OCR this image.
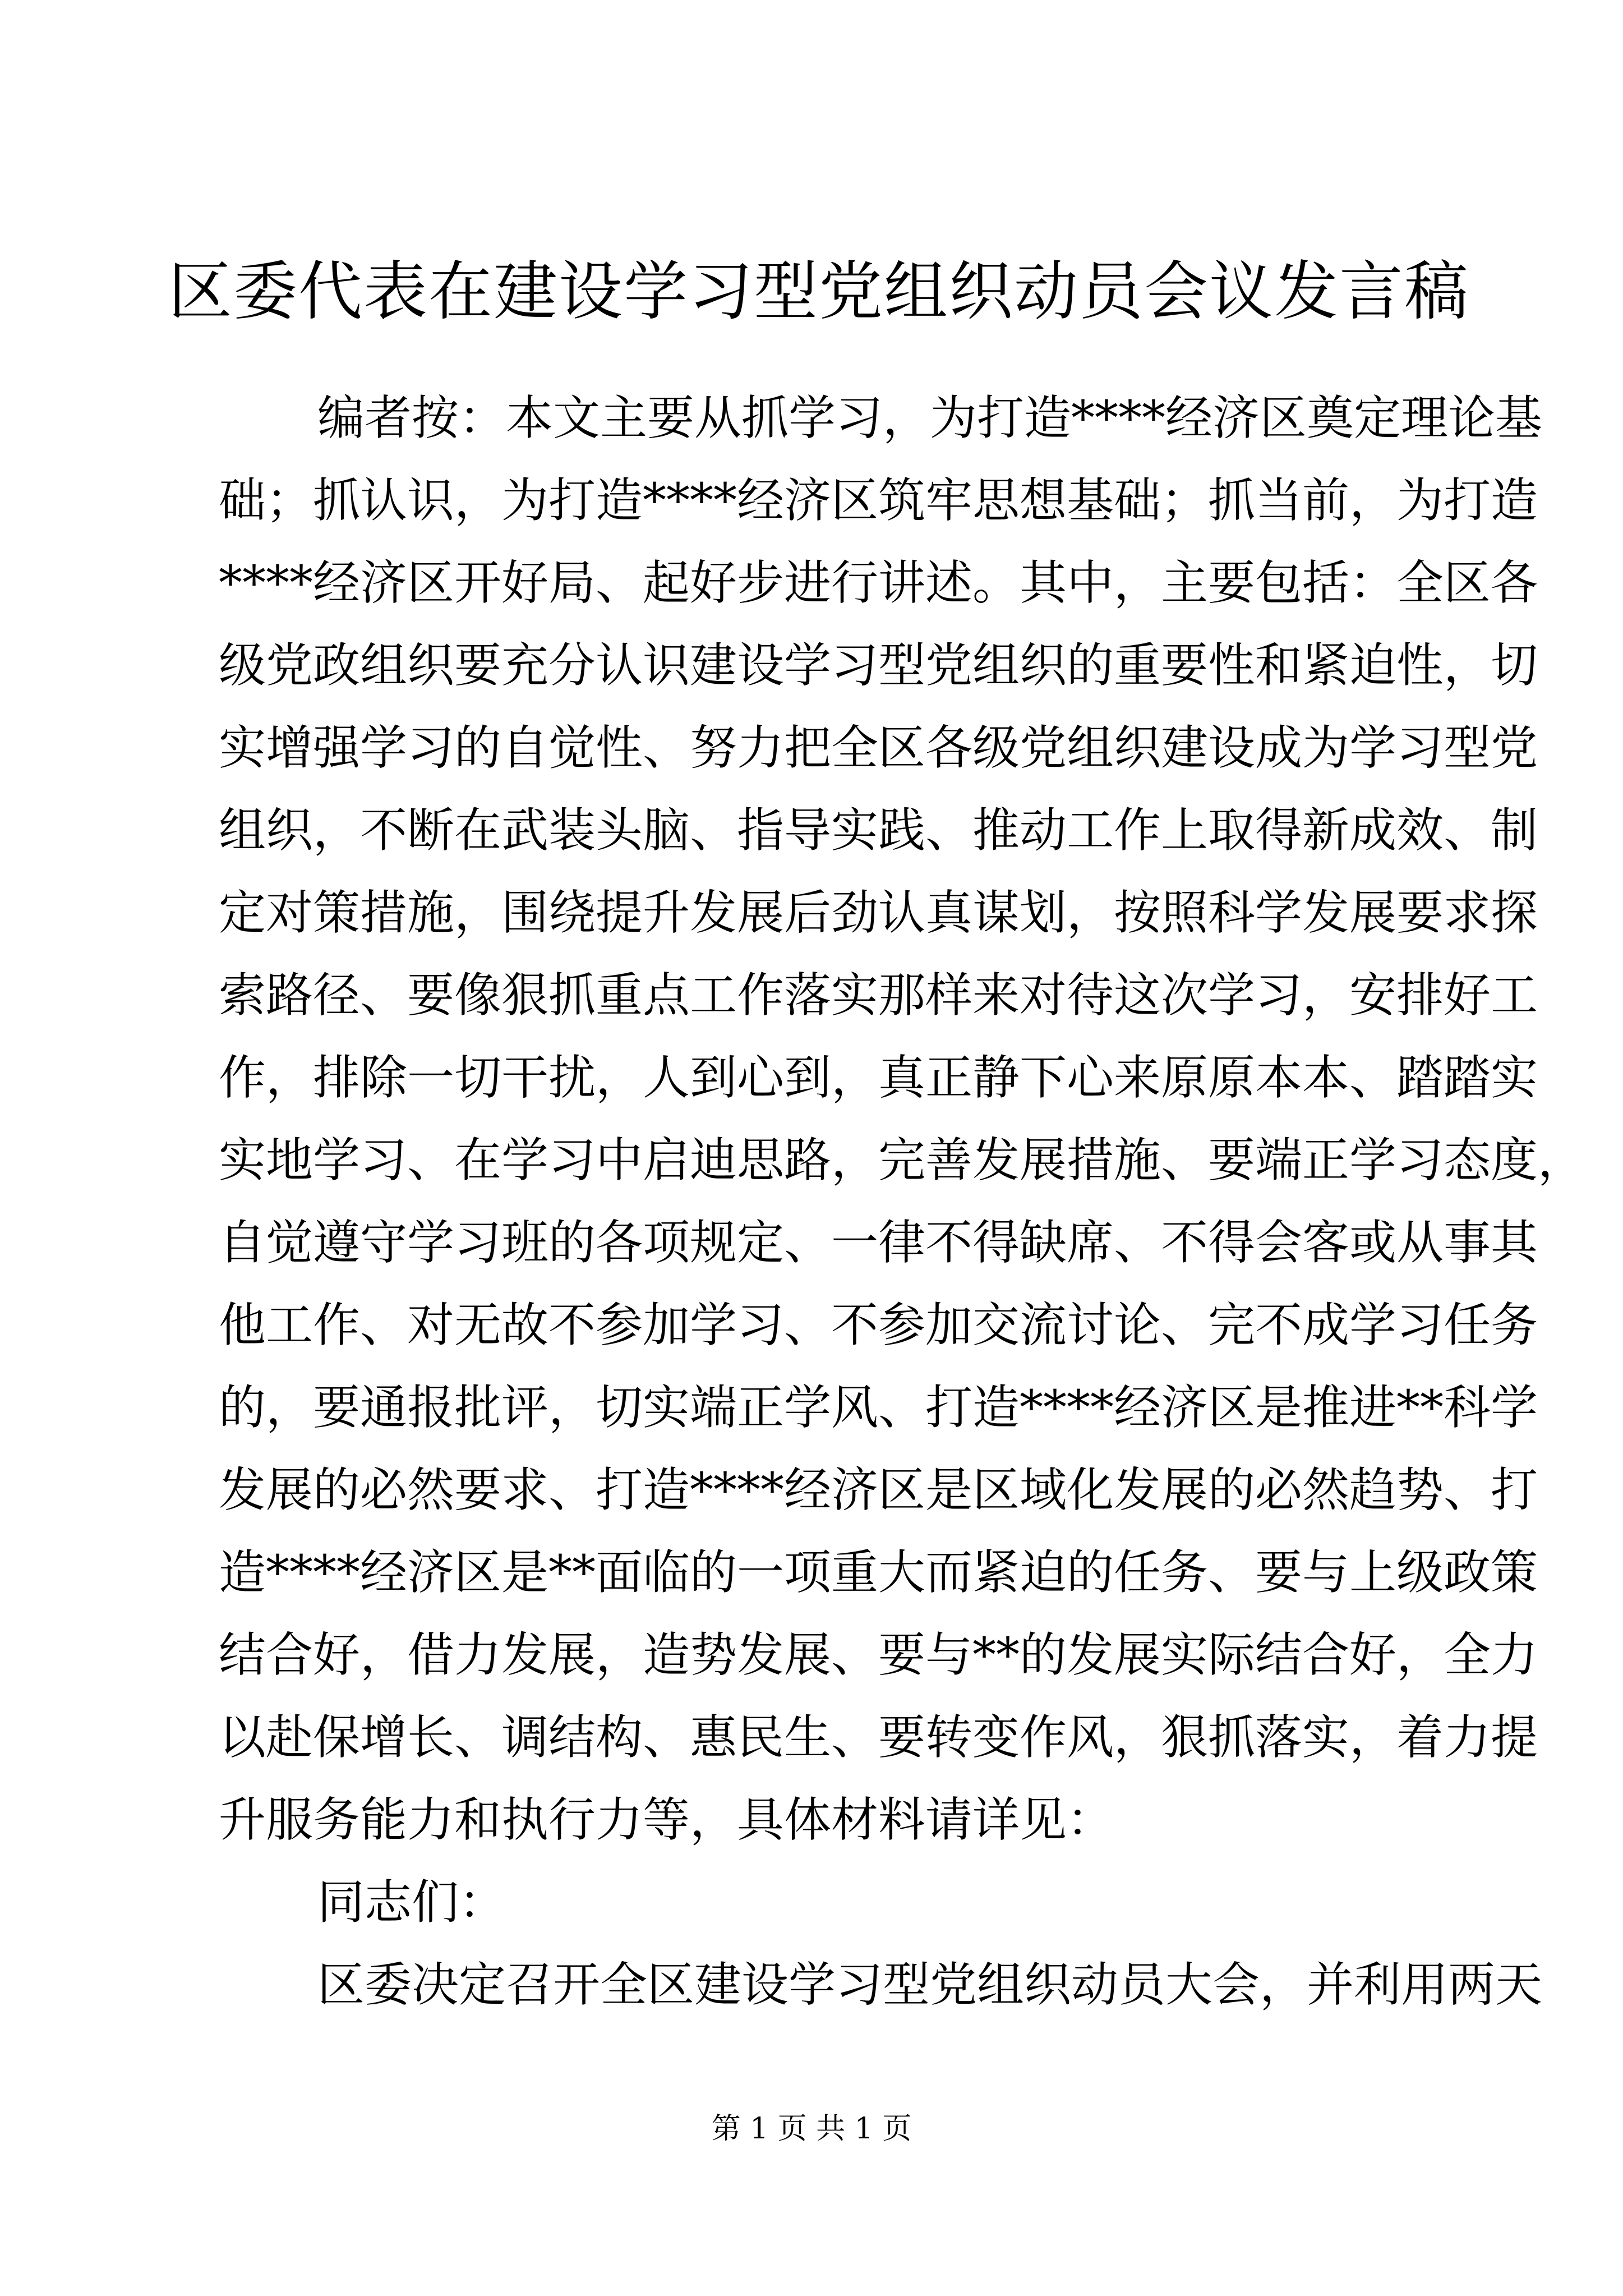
区委代表在建设学习型党组织动员会议发言稿
编者按：本文主要从抓学习，为打造****经济区奠定理论基
础；抓认识，为打造****经济区筑牢思想基础；抓当前，为打造
****经济区开好局、起好步进行讲述。其中，主要包括：全区各
级党政组织要充分认识建设学习型党组织的重要性和紧迫性，切
实增强学习的自觉性、努力把全区各级党组织建设成为学习型党
组织，不断在武装头脑、指导实践、推动工作上取得新成效、制
定对策措施，围绕提升发展后劲认真谋划，按照科学发展要求探
索路径、要像狠抓重点工作落实那样来对待这次学习，安排好工
作，排除一切干扰，人到心到，真正静下心来原原本本、踏踏实
实地学习、在学习中启迪思路，完善发展措施、要端正学习态度，
自觉遵守学习班的各项规定、一律不得缺席、不得会客或从事其
他工作、对无故不参加学习、不参加交流讨论、完不成学习任务
的，要通报批评，切实端正学风、打造****经济区是推进**科学
发展的必然要求、打造****经济区是区域化发展的必然趋势、打
造****经济区是**面临的一项重大而紧迫的任务、要与上级政策
结合好，借力发展，造势发展、要与**的发展实际结合好，全力
以赴保增长、调结构、惠民生、要转变作风，狠抓落实，着力提
升服务能力和执行力等，具体材料请详见：
同志们：
区委决定召开全区建设学习型党组织动员大会，并利用两天
第 1 页 共 1 页
